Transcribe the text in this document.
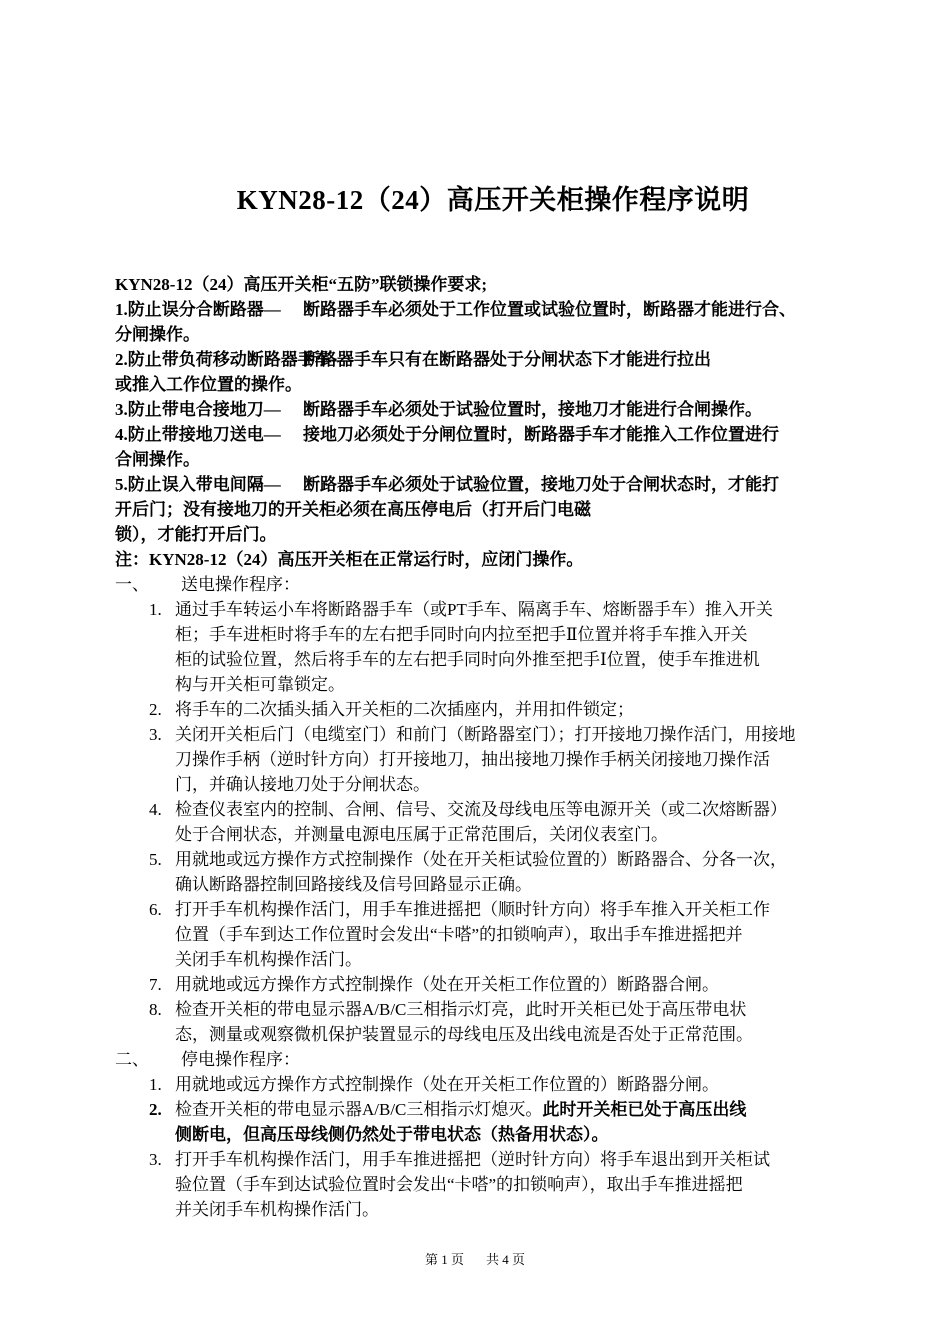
KYN28-12（24）高压开关柜操作程序说明
KYN28-12（24）高压开关柜“五防”联锁操作要求;
1.防止误分合断路器—	断路器手车必须处于工作位置或试验位置时，断路器才能进行合、
分闸操作。
2.防止带负荷移动断路器手车—
断路器手车只有在断路器处于分闸状态下才能进行拉出
或推入工作位置的操作。
3.防止带电合接地刀—	断路器手车必须处于试验位置时，接地刀才能进行合闸操作。
4.防止带接地刀送电—	接地刀必须处于分闸位置时，断路器手车才能推入工作位置进行
合闸操作。
5.防止误入带电间隔—	断路器手车必须处于试验位置，接地刀处于合闸状态时，才能打
开后门；没有接地刀的开关柜必须在高压停电后（打开后门电磁
锁），才能打开后门。
注：KYN28-12（24）高压开关柜在正常运行时，应闭门操作。
一、	送电操作程序：
1. 通过手车转运小车将断路器手车（或PT手车、隔离手车、熔断器手车）推入开关
柜；手车进柜时将手车的左右把手同时向内拉至把手Ⅱ位置并将手车推入开关
柜的试验位置，然后将手车的左右把手同时向外推至把手Ⅰ位置，使手车推进机
构与开关柜可靠锁定。
2. 将手车的二次插头插入开关柜的二次插座内，并用扣件锁定；
3. 关闭开关柜后门（电缆室门）和前门（断路器室门）；打开接地刀操作活门，用接地
刀操作手柄（逆时针方向）打开接地刀，抽出接地刀操作手柄关闭接地刀操作活
门，并确认接地刀处于分闸状态。
4. 检查仪表室内的控制、合闸、信号、交流及母线电压等电源开关（或二次熔断器）
处于合闸状态，并测量电源电压属于正常范围后，关闭仪表室门。
5. 用就地或远方操作方式控制操作（处在开关柜试验位置的）断路器合、分各一次，
确认断路器控制回路接线及信号回路显示正确。
6. 打开手车机构操作活门，用手车推进摇把（顺时针方向）将手车推入开关柜工作
位置（手车到达工作位置时会发出“卡嗒”的扣锁响声），取出手车推进摇把并
关闭手车机构操作活门。
7. 用就地或远方操作方式控制操作（处在开关柜工作位置的）断路器合闸。
8. 检查开关柜的带电显示器A/B/C三相指示灯亮，此时开关柜已处于高压带电状
态，测量或观察微机保护装置显示的母线电压及出线电流是否处于正常范围。
二、	停电操作程序：
1. 用就地或远方操作方式控制操作（处在开关柜工作位置的）断路器分闸。
2. 检查开关柜的带电显示器A/B/C三相指示灯熄灭。此时开关柜已处于高压出线
侧断电，但高压母线侧仍然处于带电状态（热备用状态）。
3. 打开手车机构操作活门，用手车推进摇把（逆时针方向）将手车退出到开关柜试
验位置（手车到达试验位置时会发出“卡嗒”的扣锁响声），取出手车推进摇把
并关闭手车机构操作活门。
第 1 页 共 4 页
